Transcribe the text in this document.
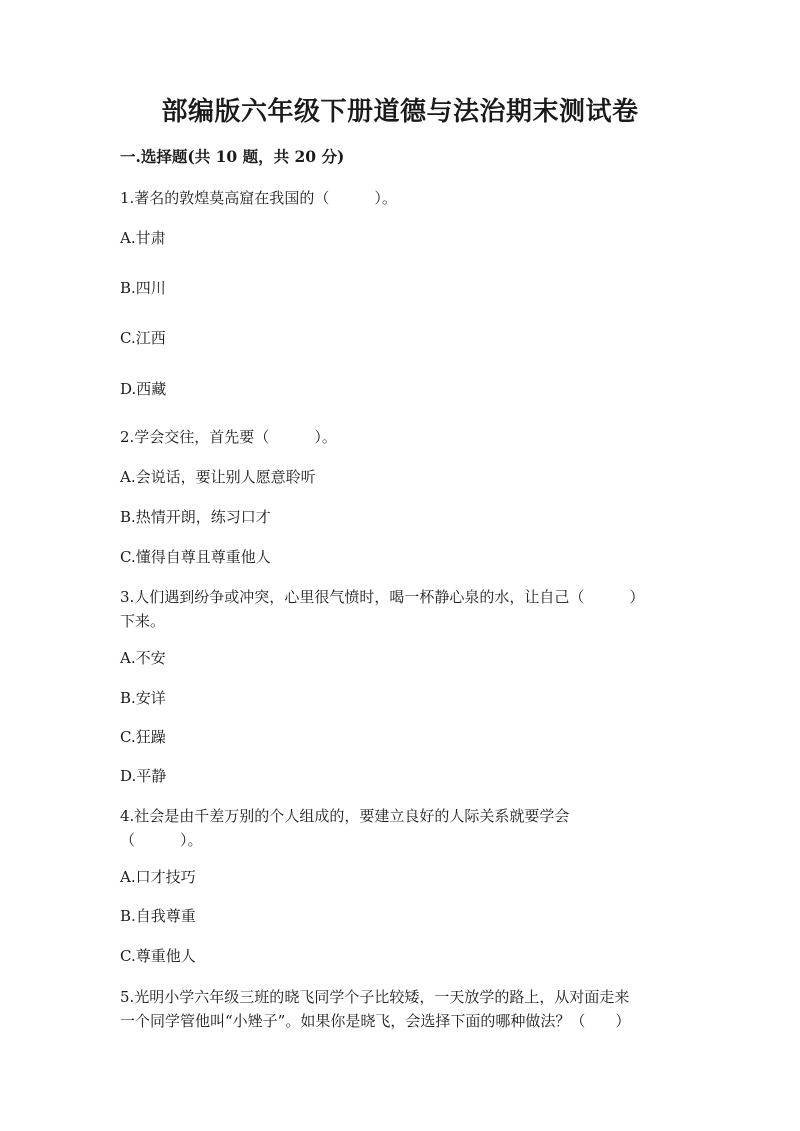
部编版六年级下册道德与法治期末测试卷
一.选择题(共 10 题，共 20 分)
1.著名的敦煌莫高窟在我国的（　　　）。
A.甘肃
B.四川
C.江西
D.西藏
2.学会交往，首先要（　　　）。
A.会说话，要让别人愿意聆听
B.热情开朗，练习口才
C.懂得自尊且尊重他人
3.人们遇到纷争或冲突，心里很气愤时，喝一杯静心泉的水，让自己（　　　）
下来。
A.不安
B.安详
C.狂躁
D.平静
4.社会是由千差万别的个人组成的，要建立良好的人际关系就要学会
（　　　）。
A.口才技巧
B.自我尊重
C.尊重他人
5.光明小学六年级三班的晓飞同学个子比较矮，一天放学的路上，从对面走来
一个同学管他叫“小矬子”。如果你是晓飞，会选择下面的哪种做法？（　　）
